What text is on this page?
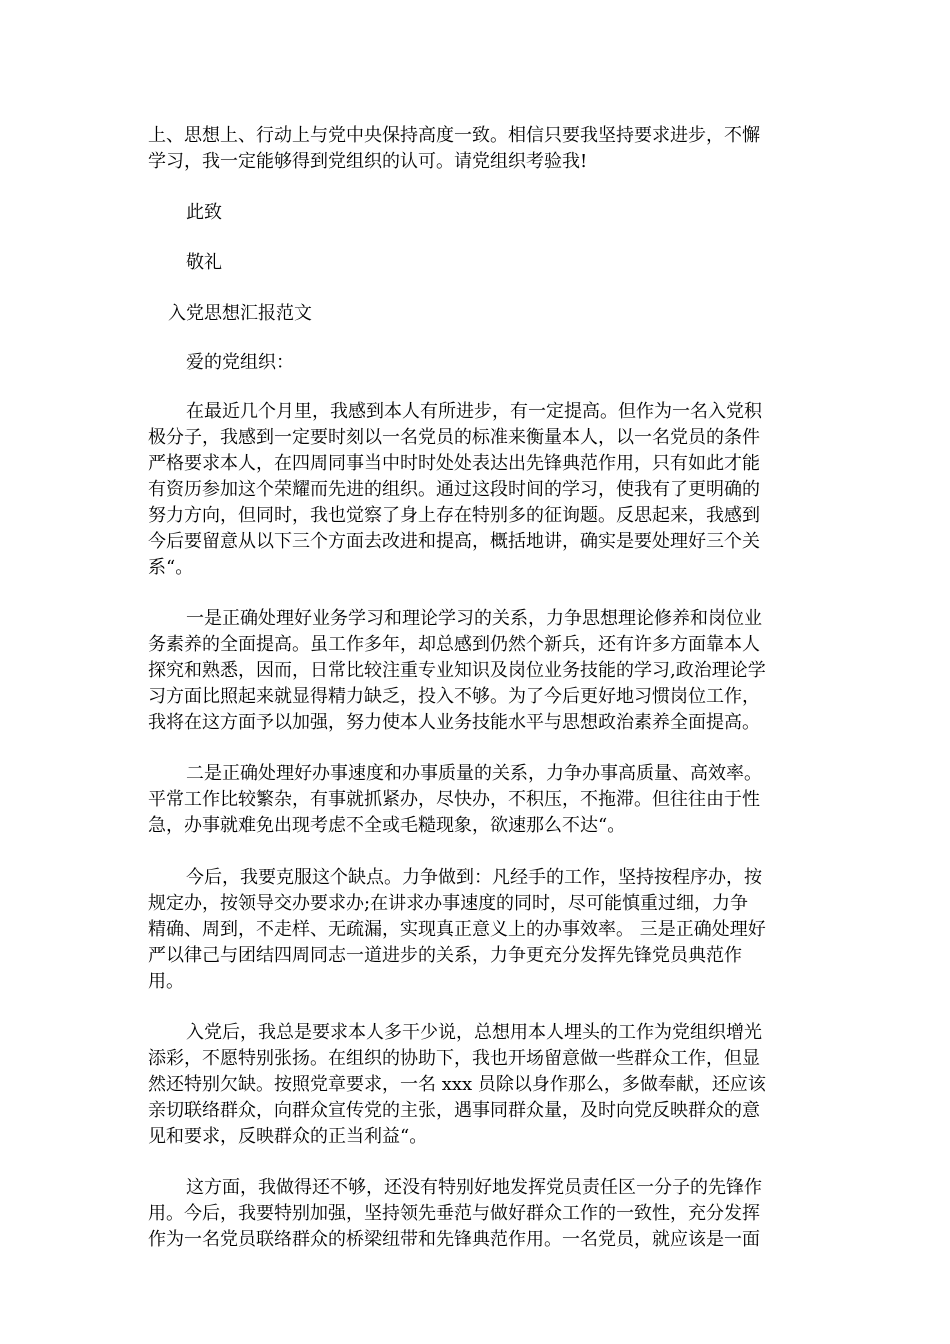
上、思想上、行动上与党中央保持高度一致。相信只要我坚持要求进步，不懈
学习，我一定能够得到党组织的认可。请党组织考验我!
此致
敬礼
入党思想汇报范文
爱的党组织：
在最近几个月里，我感到本人有所进步，有一定提高。但作为一名入党积
极分子，我感到一定要时刻以一名党员的标准来衡量本人，以一名党员的条件
严格要求本人，在四周同事当中时时处处表达出先锋典范作用，只有如此才能
有资历参加这个荣耀而先进的组织。通过这段时间的学习，使我有了更明确的
努力方向，但同时，我也觉察了身上存在特别多的征询题。反思起来，我感到
今后要留意从以下三个方面去改进和提高，概括地讲，确实是要处理好三个关
系“。
一是正确处理好业务学习和理论学习的关系，力争思想理论修养和岗位业
务素养的全面提高。虽工作多年，却总感到仍然个新兵，还有许多方面靠本人
探究和熟悉，因而，日常比较注重专业知识及岗位业务技能的学习,政治理论学
习方面比照起来就显得精力缺乏，投入不够。为了今后更好地习惯岗位工作，
我将在这方面予以加强，努力使本人业务技能水平与思想政治素养全面提高。
二是正确处理好办事速度和办事质量的关系，力争办事高质量、高效率。
平常工作比较繁杂，有事就抓紧办，尽快办，不积压，不拖滞。但往往由于性
急，办事就难免出现考虑不全或毛糙现象，欲速那么不达“。
今后，我要克服这个缺点。力争做到：凡经手的工作，坚持按程序办，按
规定办，按领导交办要求办;在讲求办事速度的同时，尽可能慎重过细，力争
精确、周到，不走样、无疏漏，实现真正意义上的办事效率。 三是正确处理好
严以律己与团结四周同志一道进步的关系，力争更充分发挥先锋党员典范作
用。
入党后，我总是要求本人多干少说，总想用本人埋头的工作为党组织增光
添彩，不愿特别张扬。在组织的协助下，我也开场留意做一些群众工作，但显
然还特别欠缺。按照党章要求，一名 xxx 员除以身作那么，多做奉献，还应该
亲切联络群众，向群众宣传党的主张，遇事同群众量，及时向党反映群众的意
见和要求，反映群众的正当利益“。
这方面，我做得还不够，还没有特别好地发挥党员责任区一分子的先锋作
用。今后，我要特别加强，坚持领先垂范与做好群众工作的一致性，充分发挥
作为一名党员联络群众的桥梁纽带和先锋典范作用。一名党员，就应该是一面
